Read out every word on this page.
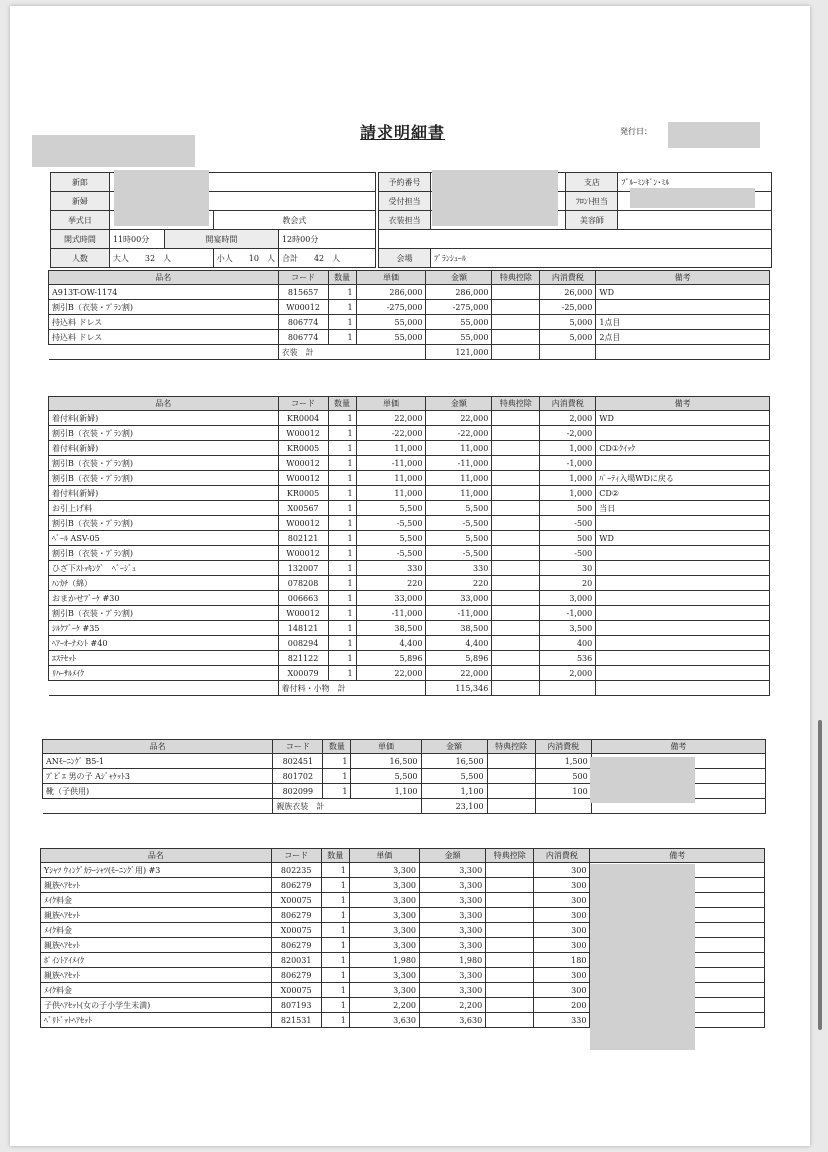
請求明細書	発行日：
新郎				
新婦				
挙式日			教会式	
開式時間	11時00分	開宴時間		12時00分
人数	大人　　32　人		小人　　10　人	合計　　42　人
予約番号		支店	ﾌﾞﾙｰﾐﾝｷﾞﾝ･ﾐﾙ
受付担当		ﾌﾛﾝﾄ担当	
衣装担当		美容師	

会場	ﾌﾞﾗﾝｼｭｰﾙ		
品名	コード	数量	単価	金額	特典控除	内消費税	備考
A913T-OW-1174	815657	1	286,000	286,000		26,000	WD
割引B（衣装・ﾌﾟﾗﾝ割)	W00012	1	-275,000	-275,000		-25,000	
持込料 ドレス	806774	1	55,000	55,000		5,000	1点目
持込料 ドレス	806774	1	55,000	55,000		5,000	2点目
	衣装　計			121,000			
品名	コード	数量	単価	金額	特典控除	内消費税	備考
着付料(新婦)	KR0004	1	22,000	22,000		2,000	WD
割引B（衣装・ﾌﾟﾗﾝ割)	W00012	1	-22,000	-22,000		-2,000	
着付料(新婦)	KR0005	1	11,000	11,000		1,000	CD①ｸｲｯｸ
割引B（衣装・ﾌﾟﾗﾝ割)	W00012	1	-11,000	-11,000		-1,000	
割引B（衣装・ﾌﾟﾗﾝ割)	W00012	1	11,000	11,000		1,000	ﾊﾟｰﾃｨ入場WDに戻る
着付料(新婦)	KR0005	1	11,000	11,000		1,000	CD②
お引上げ料	X00567	1	5,500	5,500		500	当日
割引B（衣装・ﾌﾟﾗﾝ割)	W00012	1	-5,500	-5,500		-500	
ﾍﾞｰﾙ ASV-05	802121	1	5,500	5,500		500	WD
割引B（衣装・ﾌﾟﾗﾝ割)	W00012	1	-5,500	-5,500		-500	
ひざ下ｽﾄｯｷﾝｸﾞ　ﾍﾞｰｼﾞｭ	132007	1	330	330		30	
ﾊﾝｶﾁ（綿）	078208	1	220	220		20	
おまかせﾌﾞｰｹ #30	006663	1	33,000	33,000		3,000	
割引B（衣装・ﾌﾟﾗﾝ割)	W00012	1	-11,000	-11,000		-1,000	
ｼﾙｸﾌﾞｰｹ #35	148121	1	38,500	38,500		3,500	
ﾍｱｰｵｰﾅﾒﾝﾄ #40	008294	1	4,400	4,400		400	
ｴｽﾃｾｯﾄ	821122	1	5,896	5,896		536	
ﾘﾊｰｻﾙﾒｲｸ	X00079	1	22,000	22,000		2,000	
	着付料・小物　計			115,346			
品名	コード	数量	単価	金額	特典控除	内消費税	備考
ANﾓｰﾆﾝｸﾞ B5-1	802451	1	16,500	16,500		1,500	
ﾌﾟﾋﾟｴ 男の子 Aｼﾞｬｹｯﾄ3	801702	1	5,500	5,500		500	
靴（子供用)	802099	1	1,100	1,100		100	
	親族衣装　計			23,100			
品名	コード	数量	単価	金額	特典控除	内消費税	備考
Yｼｬﾂ ｳｨﾝｸﾞｶﾗｰｼｬﾂ(ﾓｰﾆﾝｸﾞ用) #3	802235	1	3,300	3,300		300	
親族ﾍｱｾｯﾄ	806279	1	3,300	3,300		300	
ﾒｲｸ料金	X00075	1	3,300	3,300		300	
親族ﾍｱｾｯﾄ	806279	1	3,300	3,300		300	
ﾒｲｸ料金	X00075	1	3,300	3,300		300	
親族ﾍｱｾｯﾄ	806279	1	3,300	3,300		300	
ﾎﾟｲﾝﾄｱｲﾒｲｸ	820031	1	1,980	1,980		180	
親族ﾍｱｾｯﾄ	806279	1	3,300	3,300		300	
ﾒｲｸ料金	X00075	1	3,300	3,300		300	
子供ﾍｱｾｯﾄ(女の子小学生未満)	807193	1	2,200	2,200		200	
ﾍﾞﾘﾄﾞｯﾄﾍｱｾｯﾄ	821531	1	3,630	3,630		330	
